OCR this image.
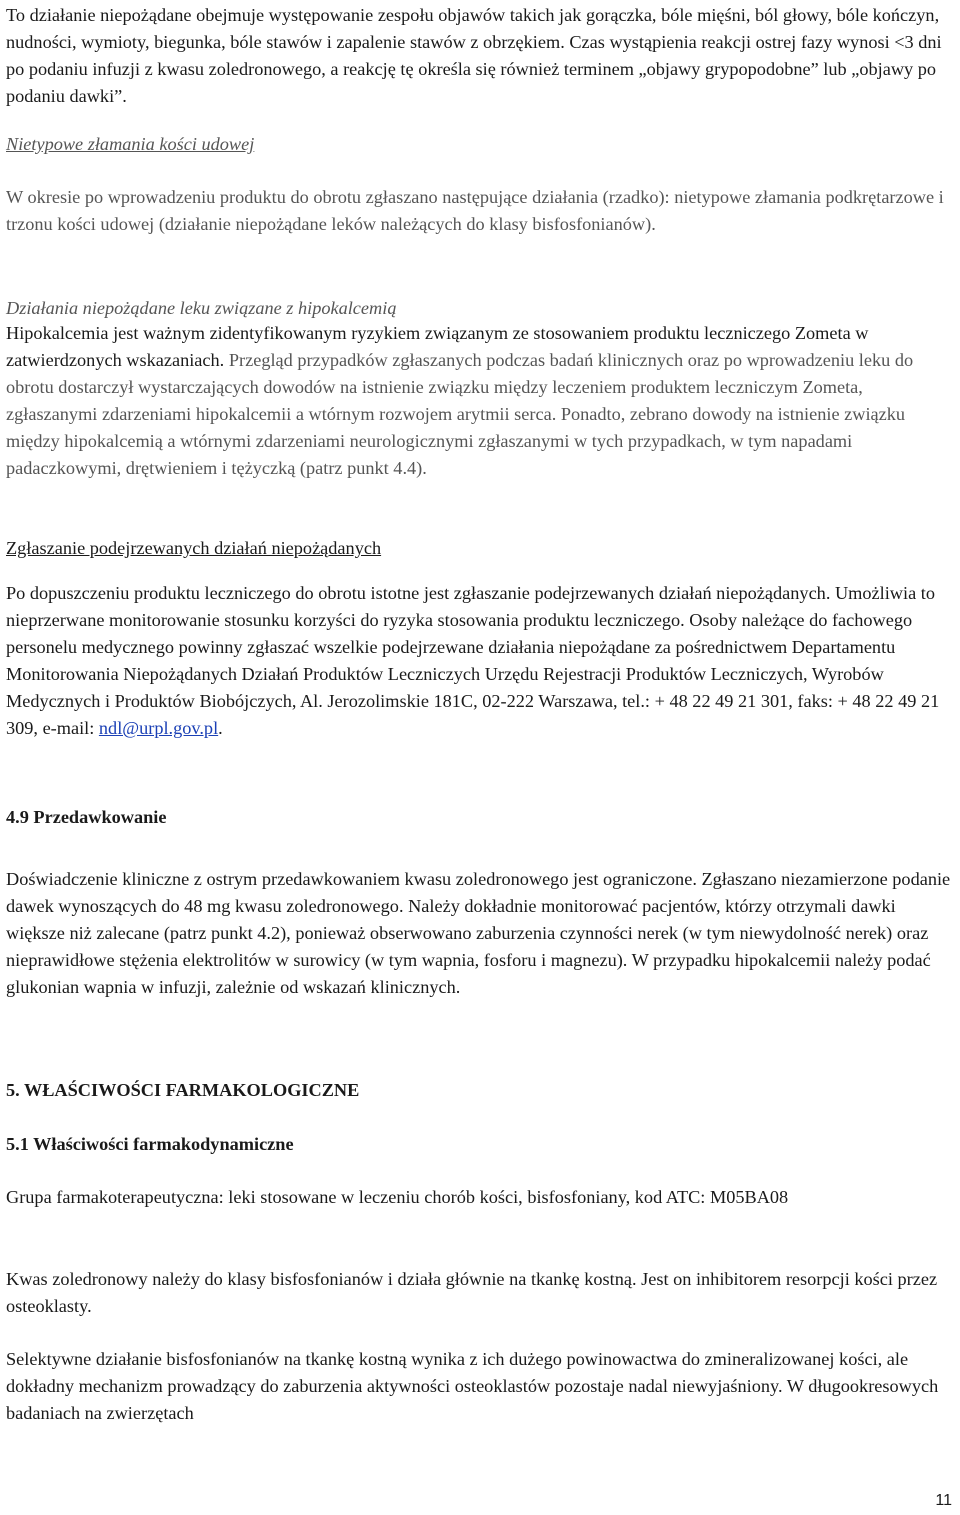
To działanie niepożądane obejmuje występowanie zespołu objawów takich jak gorączka, bóle mięśni, ból głowy, bóle kończyn, nudności, wymioty, biegunka, bóle stawów i zapalenie stawów z obrzękiem. Czas wystąpienia reakcji ostrej fazy wynosi <3 dni po podaniu infuzji z kwasu zoledronowego, a reakcję tę określa się również terminem „objawy grypopodobne” lub „objawy po podaniu dawki”.

Nietypowe złamania kości udowej

W okresie po wprowadzeniu produktu do obrotu zgłaszano następujące działania (rzadko): nietypowe złamania podkrętarzowe i trzonu kości udowej (działanie niepożądane leków należących do klasy bisfosfonianów).

Działania niepożądane leku związane z hipokalcemią

Hipokalcemia jest ważnym zidentyfikowanym ryzykiem związanym ze stosowaniem produktu leczniczego Zometa w zatwierdzonych wskazaniach. Przegląd przypadków zgłaszanych podczas badań klinicznych oraz po wprowadzeniu leku do obrotu dostarczył wystarczających dowodów na istnienie związku między leczeniem produktem leczniczym Zometa, zgłaszanymi zdarzeniami hipokalcemii a wtórnym rozwojem arytmii serca. Ponadto, zebrano dowody na istnienie związku między hipokalcemią a wtórnymi zdarzeniami neurologicznymi zgłaszanymi w tych przypadkach, w tym napadami padaczkowymi, drętwieniem i tężyczką (patrz punkt 4.4).

Zgłaszanie podejrzewanych działań niepożądanych

Po dopuszczeniu produktu leczniczego do obrotu istotne jest zgłaszanie podejrzewanych działań niepożądanych. Umożliwia to nieprzerwane monitorowanie stosunku korzyści do ryzyka stosowania produktu leczniczego. Osoby należące do fachowego personelu medycznego powinny zgłaszać wszelkie podejrzewane działania niepożądane za pośrednictwem Departamentu Monitorowania Niepożądanych Działań Produktów Leczniczych Urzędu Rejestracji Produktów Leczniczych, Wyrobów Medycznych i Produktów Biobójczych, Al. Jerozolimskie 181C, 02-222 Warszawa, tel.: + 48 22 49 21 301, faks: + 48 22 49 21 309, e-mail: ndl@urpl.gov.pl.

4.9 Przedawkowanie

Doświadczenie kliniczne z ostrym przedawkowaniem kwasu zoledronowego jest ograniczone. Zgłaszano niezamierzone podanie dawek wynoszących do 48 mg kwasu zoledronowego. Należy dokładnie monitorować pacjentów, którzy otrzymali dawki większe niż zalecane (patrz punkt 4.2), ponieważ obserwowano zaburzenia czynności nerek (w tym niewydolność nerek) oraz nieprawidłowe stężenia elektrolitów w surowicy (w tym wapnia, fosforu i magnezu). W przypadku hipokalcemii należy podać glukonian wapnia w infuzji, zależnie od wskazań klinicznych.

5. WŁAŚCIWOŚCI FARMAKOLOGICZNE

5.1 Właściwości farmakodynamiczne

Grupa farmakoterapeutyczna: leki stosowane w leczeniu chorób kości, bisfosfoniany, kod ATC: M05BA08

Kwas zoledronowy należy do klasy bisfosfonianów i działa głównie na tkankę kostną. Jest on inhibitorem resorpcji kości przez osteoklasty.

Selektywne działanie bisfosfonianów na tkankę kostną wynika z ich dużego powinowactwa do zmineralizowanej kości, ale dokładny mechanizm prowadzący do zaburzenia aktywności osteoklastów pozostaje nadal niewyjaśniony. W długookresowych badaniach na zwierzętach

11
